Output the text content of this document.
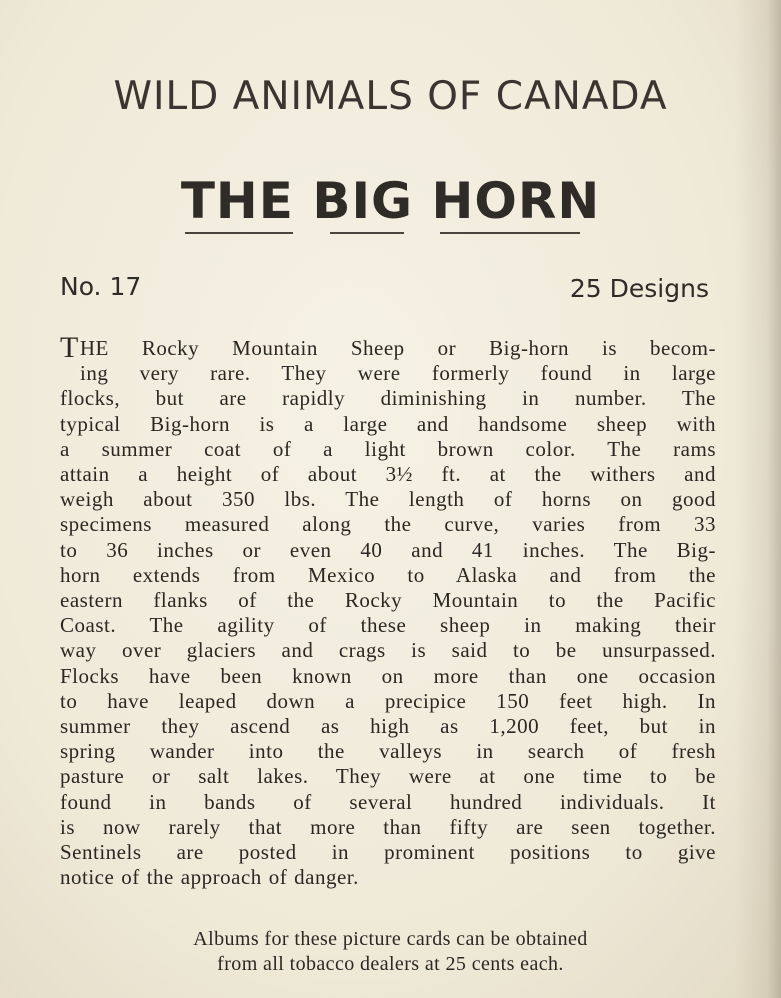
WILD ANIMALS OF CANADA
THE BIG HORN
No. 17	25 Designs
THE Rocky Mountain Sheep or Big-horn is becom-
ing very rare. They were formerly found in large
flocks, but are rapidly diminishing in number. The
typical Big-horn is a large and handsome sheep with
a summer coat of a light brown color. The rams
attain a height of about 3½ ft. at the withers and
weigh about 350 lbs. The length of horns on good
specimens measured along the curve, varies from 33
to 36 inches or even 40 and 41 inches. The Big-
horn extends from Mexico to Alaska and from the
eastern flanks of the Rocky Mountain to the Pacific
Coast. The agility of these sheep in making their
way over glaciers and crags is said to be unsurpassed.
Flocks have been known on more than one occasion
to have leaped down a precipice 150 feet high. In
summer they ascend as high as 1,200 feet, but in
spring wander into the valleys in search of fresh
pasture or salt lakes. They were at one time to be
found in bands of several hundred individuals. It
is now rarely that more than fifty are seen together.
Sentinels are posted in prominent positions to give
notice of the approach of danger.

Albums for these picture cards can be obtained
from all tobacco dealers at 25 cents each.
